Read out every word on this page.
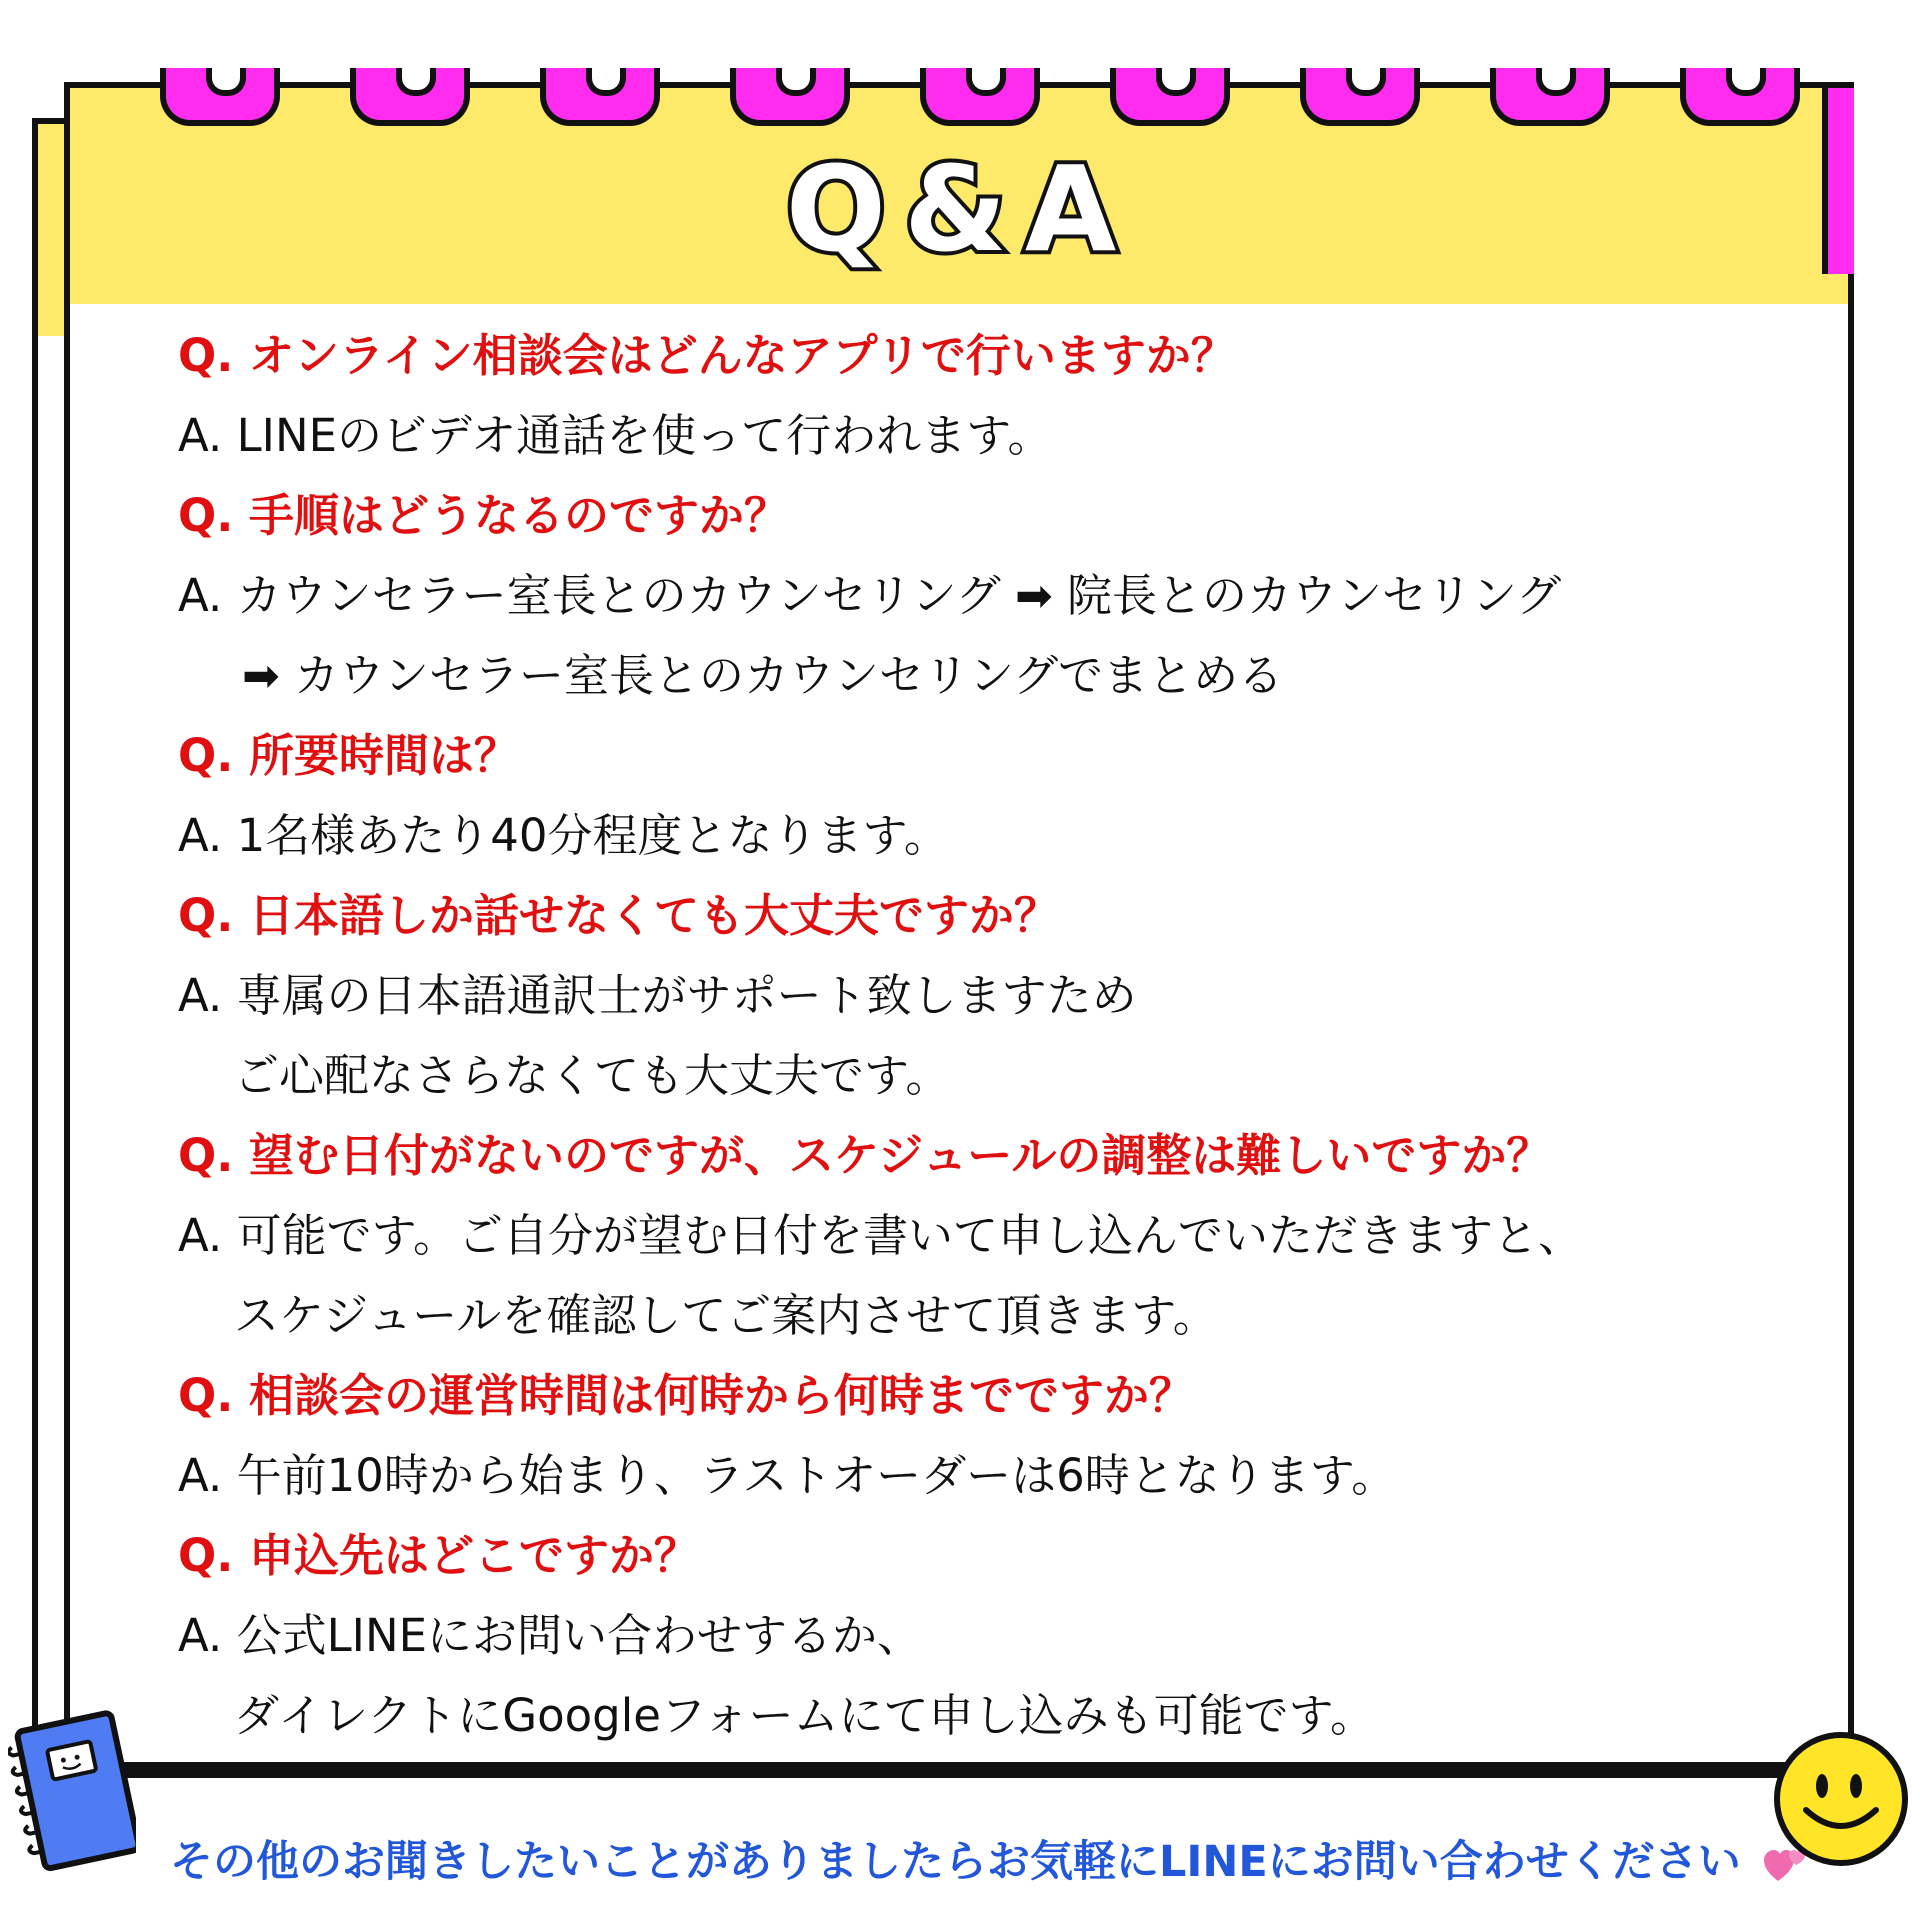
Q&A
Q. オンライン相談会はどんなアプリで行いますか？
A. LINEのビデオ通話を使って行われます。
Q. 手順はどうなるのですか？
A. カウンセラー室長とのカウンセリング ➡ 院長とのカウンセリング
➡ カウンセラー室長とのカウンセリングでまとめる
Q. 所要時間は？
A. 1名様あたり40分程度となります。
Q. 日本語しか話せなくても大丈夫ですか？
A. 専属の日本語通訳士がサポート致しますため
ご心配なさらなくても大丈夫です。
Q. 望む日付がないのですが、スケジュールの調整は難しいですか？
A. 可能です。ご自分が望む日付を書いて申し込んでいただきますと、
スケジュールを確認してご案内させて頂きます。
Q. 相談会の運営時間は何時から何時までですか？
A. 午前10時から始まり、ラストオーダーは6時となります。
Q. 申込先はどこですか？
A. 公式LINEにお問い合わせするか、
ダイレクトにGoogleフォームにて申し込みも可能です。
その他のお聞きしたいことがありましたらお気軽にLINEにお問い合わせください
